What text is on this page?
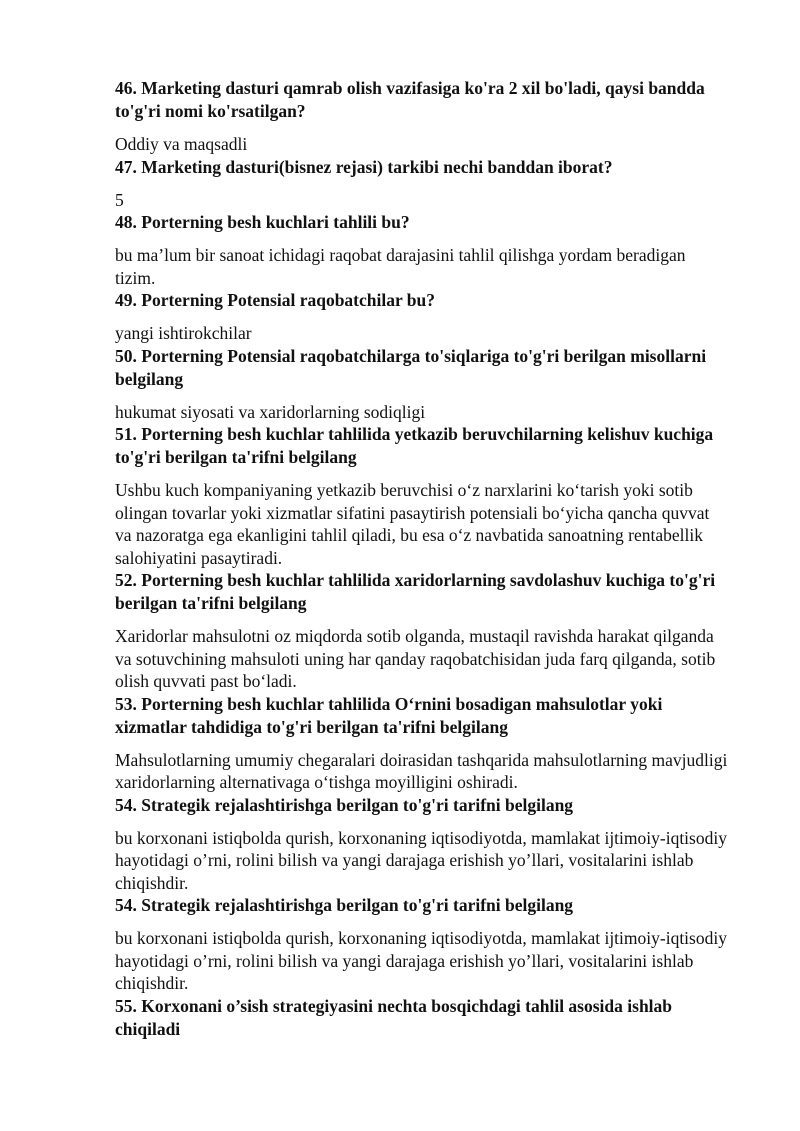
46. Marketing dasturi qamrab olish vazifasiga ko'ra 2 xil bo'ladi, qaysi bandda to'g'ri nomi ko'rsatilgan?

Oddiy va maqsadli

47. Marketing dasturi(bisnez rejasi) tarkibi nechi banddan iborat?

5

48. Porterning besh kuchlari tahlili bu?

bu ma’lum bir sanoat ichidagi raqobat darajasini tahlil qilishga yordam beradigan tizim.

49. Porterning Potensial raqobatchilar bu?

yangi ishtirokchilar

50. Porterning Potensial raqobatchilarga to'siqlariga to'g'ri berilgan misollarni belgilang

hukumat siyosati va xaridorlarning sodiqligi

51. Porterning besh kuchlar tahlilida yetkazib beruvchilarning kelishuv kuchiga to'g'ri berilgan ta'rifni belgilang

Ushbu kuch kompaniyaning yetkazib beruvchisi o‘z narxlarini ko‘tarish yoki sotib olingan tovarlar yoki xizmatlar sifatini pasaytirish potensiali bo‘yicha qancha quvvat va nazoratga ega ekanligini tahlil qiladi, bu esa o‘z navbatida sanoatning rentabellik salohiyatini pasaytiradi.

52. Porterning besh kuchlar tahlilida xaridorlarning savdolashuv kuchiga to'g'ri berilgan ta'rifni belgilang

Xaridorlar mahsulotni oz miqdorda sotib olganda, mustaqil ravishda harakat qilganda va sotuvchining mahsuloti uning har qanday raqobatchisidan juda farq qilganda, sotib olish quvvati past bo‘ladi.

53. Porterning besh kuchlar tahlilida O‘rnini bosadigan mahsulotlar yoki xizmatlar tahdidiga to'g'ri berilgan ta'rifni belgilang

Mahsulotlarning umumiy chegaralari doirasidan tashqarida mahsulotlarning mavjudligi xaridorlarning alternativaga o‘tishga moyilligini oshiradi.

54. Strategik rejalashtirishga berilgan to'g'ri tarifni belgilang

bu korxonani istiqbolda qurish, korxonaning iqtisodiyotda, mamlakat ijtimoiy-iqtisodiy hayotidagi o’rni, rolini bilish va yangi darajaga erishish yo’llari, vositalarini ishlab chiqishdir.

54. Strategik rejalashtirishga berilgan to'g'ri tarifni belgilang

bu korxonani istiqbolda qurish, korxonaning iqtisodiyotda, mamlakat ijtimoiy-iqtisodiy hayotidagi o’rni, rolini bilish va yangi darajaga erishish yo’llari, vositalarini ishlab chiqishdir.

55. Korxonani o’sish strategiyasini nechta bosqichdagi tahlil asosida ishlab chiqiladi
